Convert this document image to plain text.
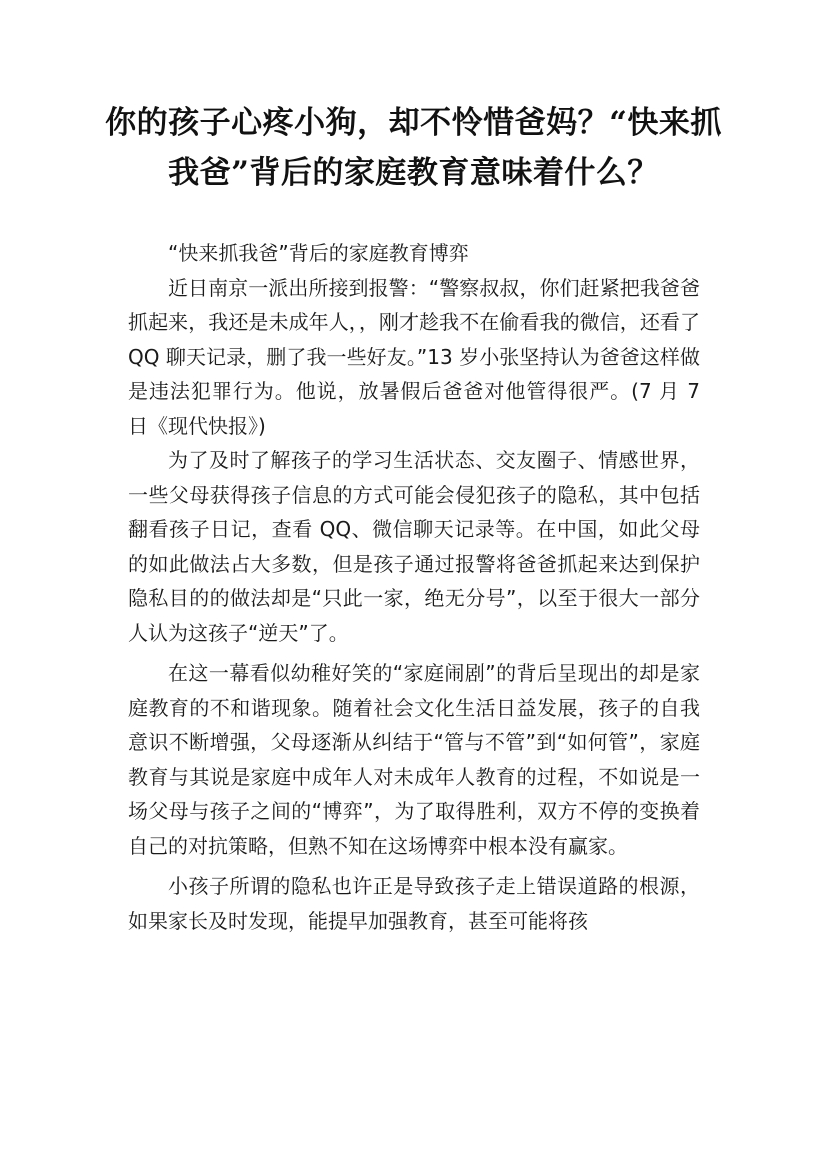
你的孩子心疼小狗，却不怜惜爸妈？“快来抓我爸”背后的家庭教育意味着什么？

“快来抓我爸”背后的家庭教育博弈

近日南京一派出所接到报警：“警察叔叔，你们赶紧把我爸爸抓起来，我还是未成年人，，刚才趁我不在偷看我的微信，还看了 QQ 聊天记录，删了我一些好友。”13 岁小张坚持认为爸爸这样做是违法犯罪行为。他说，放暑假后爸爸对他管得很严。(7 月 7 日《现代快报》)

为了及时了解孩子的学习生活状态、交友圈子、情感世界，一些父母获得孩子信息的方式可能会侵犯孩子的隐私，其中包括翻看孩子日记，查看 QQ、微信聊天记录等。在中国，如此父母的如此做法占大多数，但是孩子通过报警将爸爸抓起来达到保护隐私目的的做法却是“只此一家，绝无分号”，以至于很大一部分人认为这孩子“逆天”了。

在这一幕看似幼稚好笑的“家庭闹剧”的背后呈现出的却是家庭教育的不和谐现象。随着社会文化生活日益发展，孩子的自我意识不断增强，父母逐渐从纠结于“管与不管”到“如何管”，家庭教育与其说是家庭中成年人对未成年人教育的过程，不如说是一场父母与孩子之间的“博弈”，为了取得胜利，双方不停的变换着自己的对抗策略，但熟不知在这场博弈中根本没有赢家。

小孩子所谓的隐私也许正是导致孩子走上错误道路的根源，如果家长及时发现，能提早加强教育，甚至可能将孩
